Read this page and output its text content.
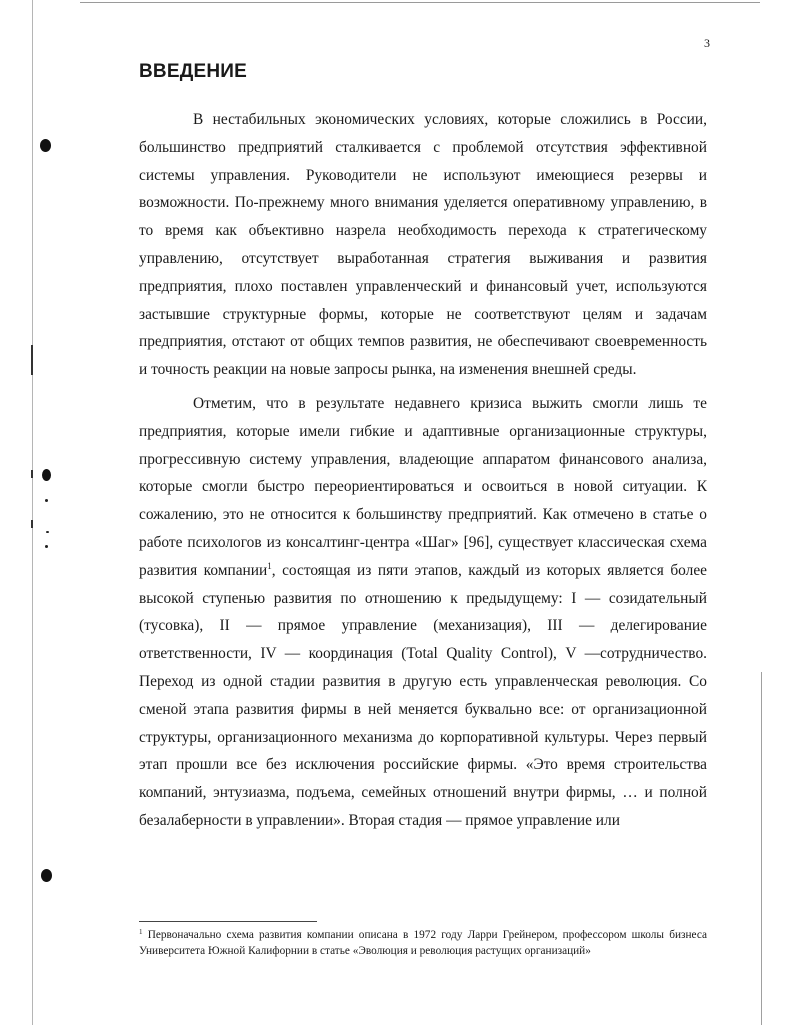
3
ВВЕДЕНИЕ

В нестабильных экономических условиях, которые сложились в России, большинство предприятий сталкивается с проблемой отсутствия эффективной системы управления. Руководители не используют имеющиеся резервы и возможности. По-прежнему много внимания уделяется оперативному управлению, в то время как объективно назрела необходимость перехода к стратегическому управлению, отсутствует выработанная стратегия выживания и развития предприятия, плохо поставлен управленческий и финансовый учет, используются застывшие структурные формы, которые не соответствуют целям и задачам предприятия, отстают от общих темпов развития, не обеспечивают своевременность и точность реакции на новые запросы рынка, на изменения внешней среды.

Отметим, что в результате недавнего кризиса выжить смогли лишь те предприятия, которые имели гибкие и адаптивные организационные структуры, прогрессивную систему управления, владеющие аппаратом финансового анализа, которые смогли быстро переориентироваться и освоиться в новой ситуации. К сожалению, это не относится к большинству предприятий. Как отмечено в статье о работе психологов из консалтинг-центра «Шаг» [96], существует классическая схема развития компании$^1$, состоящая из пяти этапов, каждый из которых является более высокой ступенью развития по отношению к предыдущему: I — созидательный (тусовка), II — прямое управление (механизация), III — делегирование ответственности, IV — координация (Total Quality Control), V —сотрудничество. Переход из одной стадии развития в другую есть управленческая революция. Со сменой этапа развития фирмы в ней меняется буквально все: от организационной структуры, организационного механизма до корпоративной культуры. Через первый этап прошли все без исключения российские фирмы. «Это время строительства компаний, энтузиазма, подъема, семейных отношений внутри фирмы, … и полной безалаберности в управлении». Вторая стадия — прямое управление или

$^1$ Первоначально схема развития компании описана в 1972 году Ларри Грейнером, профессором школы бизнеса Университета Южной Калифорнии в статье «Эволюция и революция растущих организаций»
